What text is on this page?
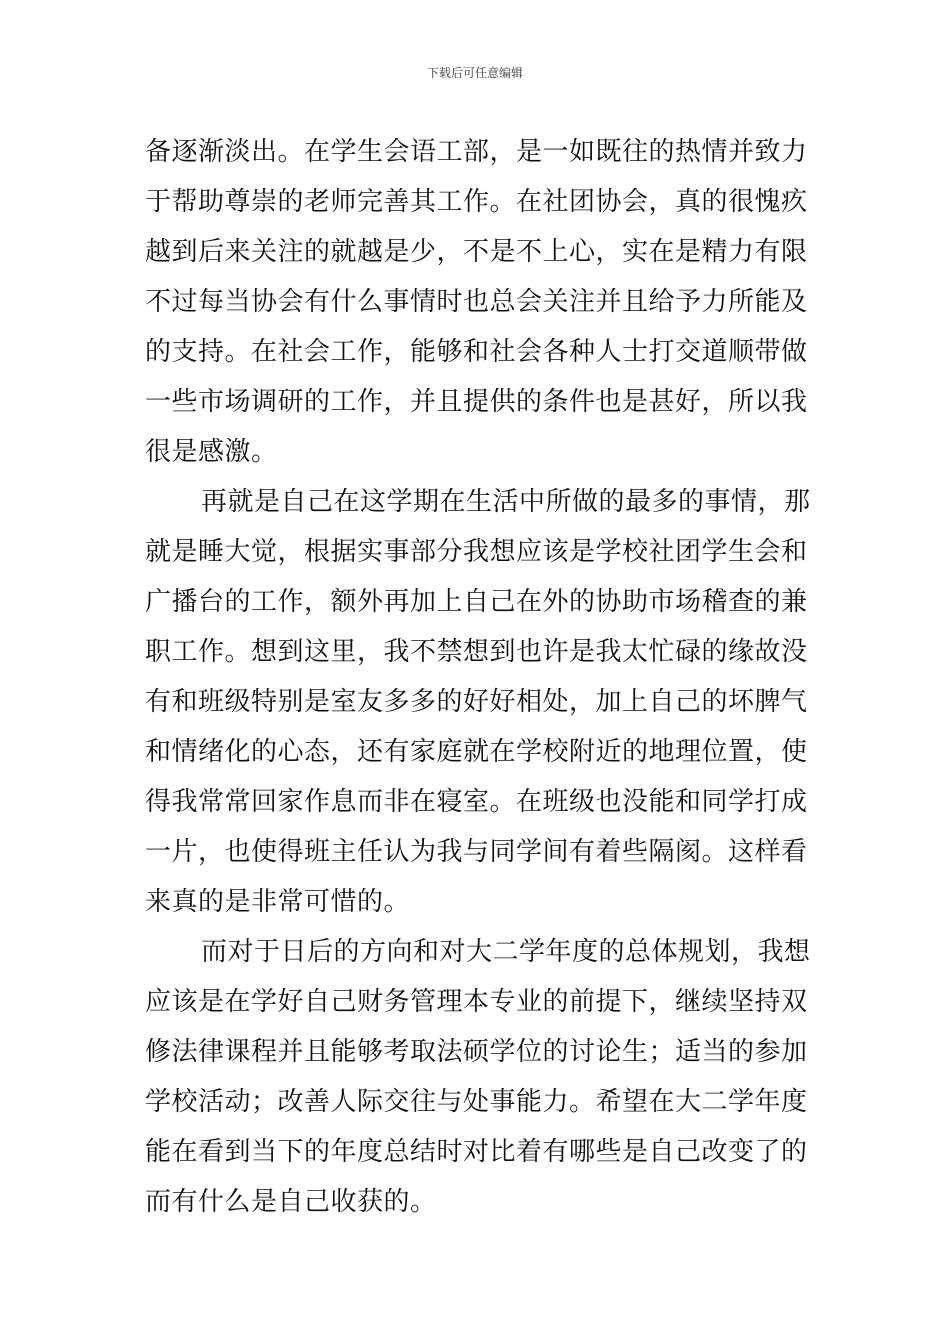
下载后可任意编辑
备逐渐淡出。在学生会语工部，是一如既往的热情并致力
于帮助尊崇的老师完善其工作。在社团协会，真的很愧疚
越到后来关注的就越是少，不是不上心，实在是精力有限
不过每当协会有什么事情时也总会关注并且给予力所能及
的支持。在社会工作，能够和社会各种人士打交道顺带做
一些市场调研的工作，并且提供的条件也是甚好，所以我
很是感激。
再就是自己在这学期在生活中所做的最多的事情，那
就是睡大觉，根据实事部分我想应该是学校社团学生会和
广播台的工作，额外再加上自己在外的协助市场稽查的兼
职工作。想到这里，我不禁想到也许是我太忙碌的缘故没
有和班级特别是室友多多的好好相处，加上自己的坏脾气
和情绪化的心态，还有家庭就在学校附近的地理位置，使
得我常常回家作息而非在寝室。在班级也没能和同学打成
一片，也使得班主任认为我与同学间有着些隔阂。这样看
来真的是非常可惜的。
而对于日后的方向和对大二学年度的总体规划，我想
应该是在学好自己财务管理本专业的前提下，继续坚持双
修法律课程并且能够考取法硕学位的讨论生；适当的参加
学校活动；改善人际交往与处事能力。希望在大二学年度
能在看到当下的年度总结时对比着有哪些是自己改变了的
而有什么是自己收获的。
